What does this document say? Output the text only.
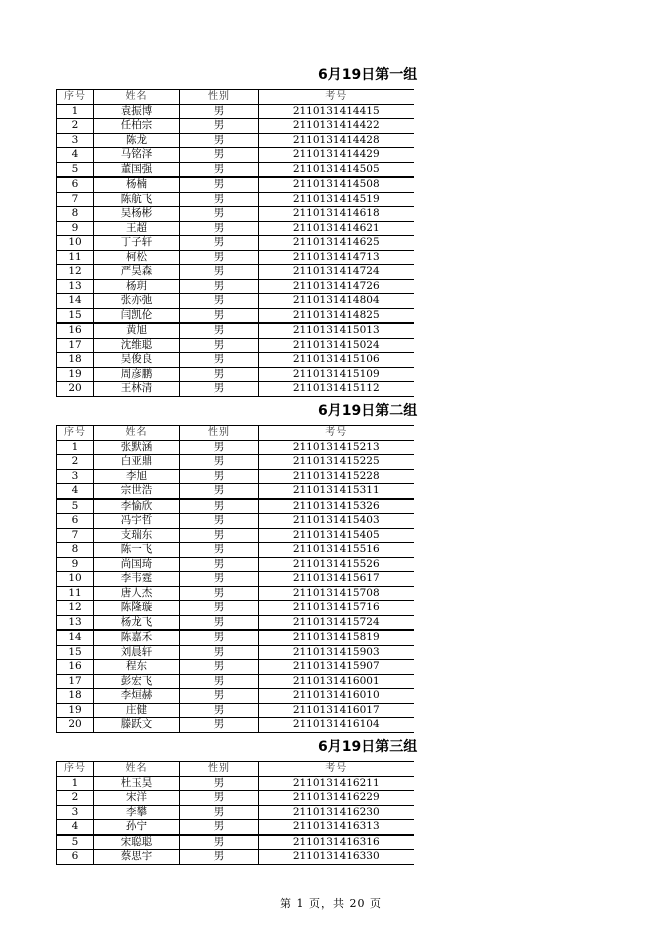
6月19日第一组
序号	姓名	性别	考号
1	袁振博	男	2110131414415
2	任柏宗	男	2110131414422
3	陈龙	男	2110131414428
4	马铭泽	男	2110131414429
5	董国强	男	2110131414505
6	杨楠	男	2110131414508
7	陈航飞	男	2110131414519
8	吴杨彬	男	2110131414618
9	王超	男	2110131414621
10	丁子轩	男	2110131414625
11	柯松	男	2110131414713
12	严昊森	男	2110131414724
13	杨玥	男	2110131414726
14	张亦弛	男	2110131414804
15	闫凯伦	男	2110131414825
16	黄旭	男	2110131415013
17	沈维聪	男	2110131415024
18	吴俊良	男	2110131415106
19	周彦鹏	男	2110131415109
20	王林清	男	2110131415112
6月19日第二组
序号	姓名	性别	考号
1	张默涵	男	2110131415213
2	白亚鼎	男	2110131415225
3	李旭	男	2110131415228
4	宗世浩	男	2110131415311
5	李愉欣	男	2110131415326
6	冯宇哲	男	2110131415403
7	支瑞东	男	2110131415405
8	陈一飞	男	2110131415516
9	尚国琦	男	2110131415526
10	李韦霆	男	2110131415617
11	唐人杰	男	2110131415708
12	陈隆璇	男	2110131415716
13	杨龙飞	男	2110131415724
14	陈嘉禾	男	2110131415819
15	刘晨轩	男	2110131415903
16	程东	男	2110131415907
17	彭宏飞	男	2110131416001
18	李烜赫	男	2110131416010
19	庄健	男	2110131416017
20	滕跃文	男	2110131416104
6月19日第三组
序号	姓名	性别	考号
1	杜玉昊	男	2110131416211
2	宋洋	男	2110131416229
3	李攀	男	2110131416230
4	孙宁	男	2110131416313
5	宋聪聪	男	2110131416316
6	蔡思宇	男	2110131416330
第 1 页，共 20 页
